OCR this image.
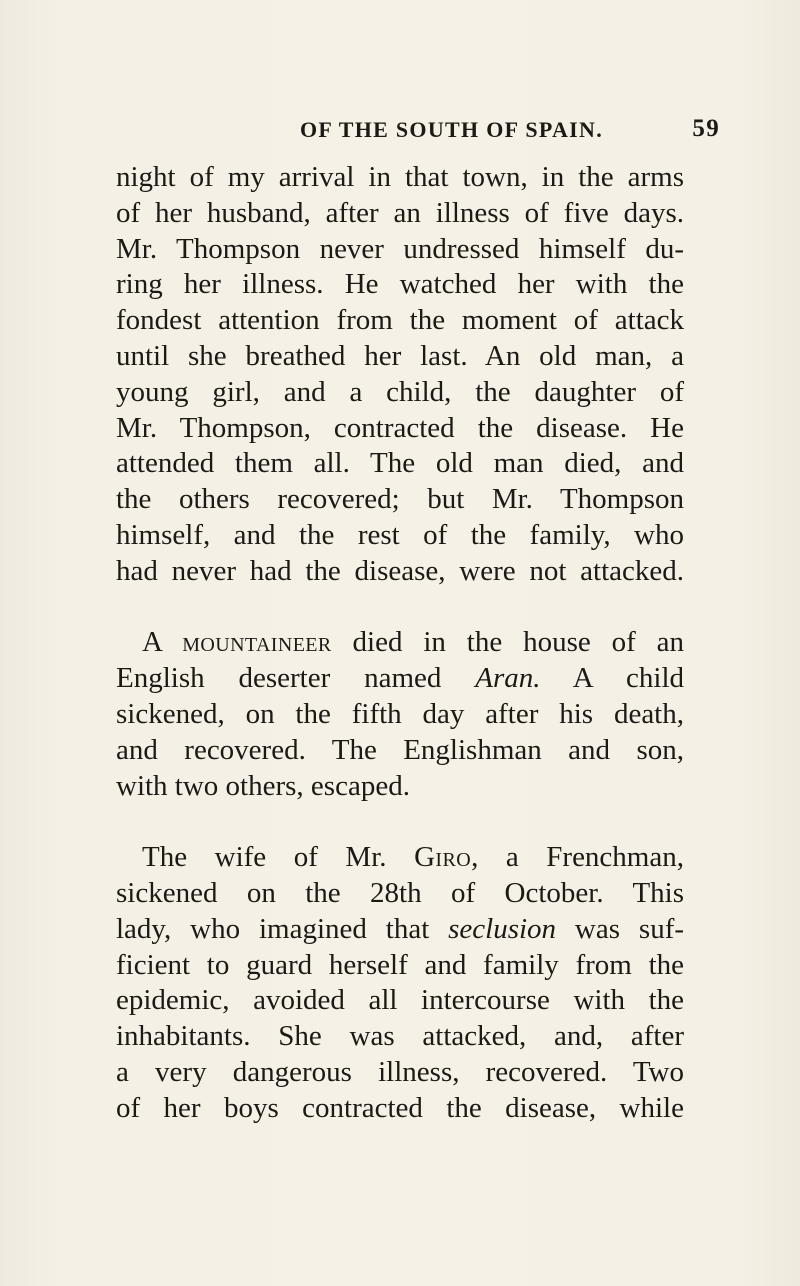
OF THE SOUTH OF SPAIN.	59

night of my arrival in that town, in the arms
of her husband, after an illness of five days.
Mr. Thompson never undressed himself du-
ring her illness. He watched her with the
fondest attention from the moment of attack
until she breathed her last. An old man, a
young girl, and a child, the daughter of
Mr. Thompson, contracted the disease. He
attended them all. The old man died, and
the others recovered; but Mr. Thompson
himself, and the rest of the family, who
had never had the disease, were not attacked.

A mountaineer died in the house of an
English deserter named Aran. A child
sickened, on the fifth day after his death,
and recovered. The Englishman and son,
with two others, escaped.

The wife of Mr. Giro, a Frenchman,
sickened on the 28th of October. This
lady, who imagined that seclusion was suf-
ficient to guard herself and family from the
epidemic, avoided all intercourse with the
inhabitants. She was attacked, and, after
a very dangerous illness, recovered. Two
of her boys contracted the disease, while
